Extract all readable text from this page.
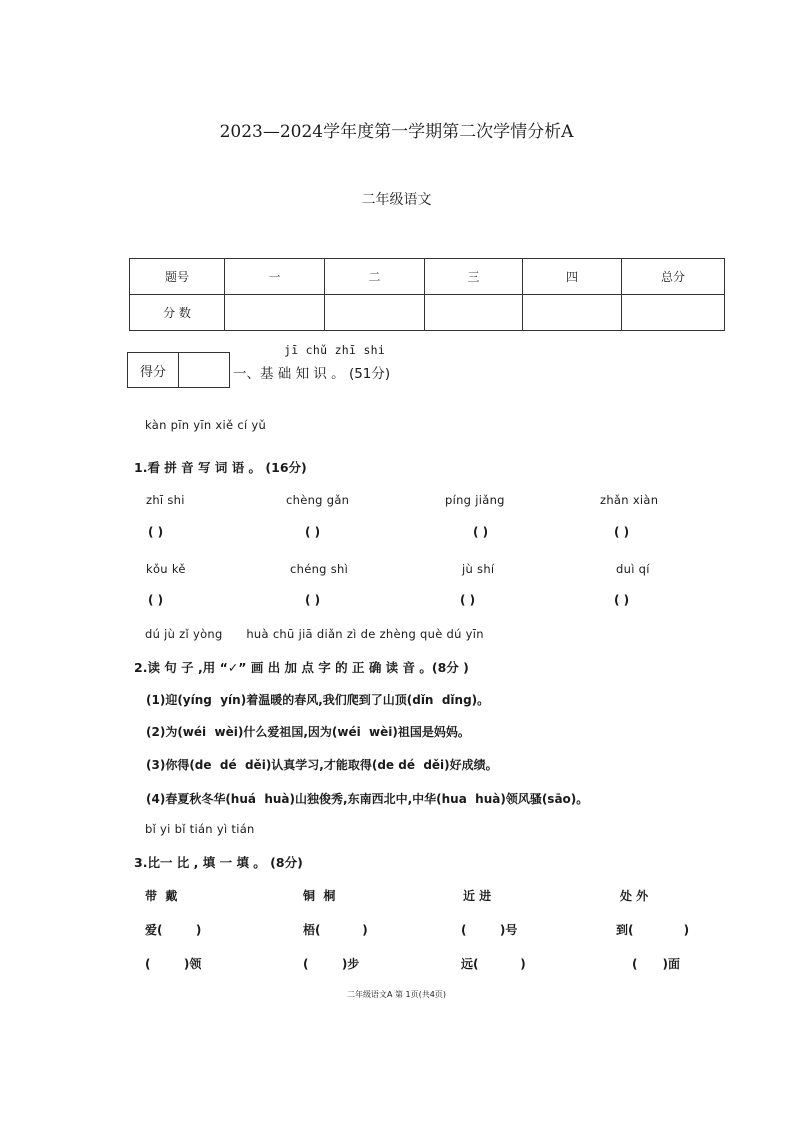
2023—2024学年度第一学期第二次学情分析A
二年级语文
题号	一	二	三	四	总分
分 数					
得分	
jī chǔ zhī shi
一、基 础 知 识 。 (51分)
kàn pīn yīn xiě cí yǔ
1.看 拼 音 写 词 语 。 (16分)
zhī shi	chèng gǎn	píng jiǎng	zhǎn xiàn
( )	( )	( )	( )
kǒu kě	chéng shì	jù shí	duì qí
( )	( )	( )	( )
dú jù zǐ yòng      huà chū jiā diǎn zì de zhèng què dú yīn
2.读 句 子 ,用 “✓” 画 出 加 点 字 的 正 确 读 音 。(8分 )
(1)迎(yíng  yín)着温暖的春风,我们爬到了山顶(dǐn  dǐng)。
(2)为(wéi  wèi)什么爱祖国,因为(wéi  wèi)祖国是妈妈。
(3)你得(de  dé  děi)认真学习,才能取得(de dé  děi)好成绩。
(4)春夏秋冬华(huá  huà)山独俊秀,东南西北中,中华(hua  huà)领风骚(sāo)。
bǐ yi bǐ tián yì tián
3.比一 比 , 填 一 填 。 (8分)
带  戴	铜  桐	近 进	处 外
爱(        )	梧(          )	(        )号	到(            )
(        )领	(        )步	远(          )	(      )面
二年级语文A 第 1页(共4页)
